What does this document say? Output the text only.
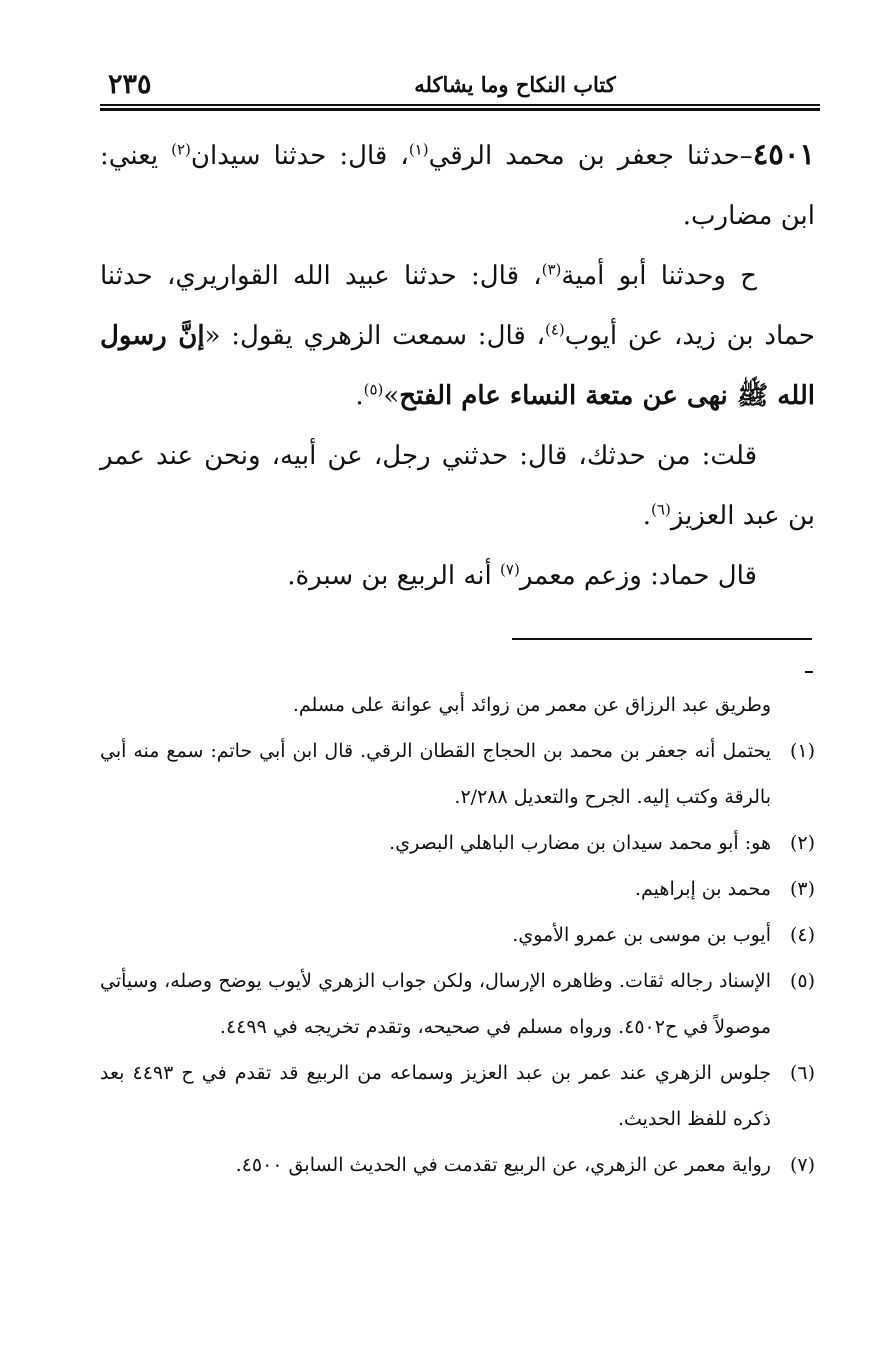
كتاب النكاح وما يشاكله
٢٣٥

٤٥٠١–حدثنا جعفر بن محمد الرقي$^{(١)}$، قال: حدثنا سيدان$^{(٢)}$ يعني: ابن مضارب.

ح وحدثنا أبو أمية$^{(٣)}$، قال: حدثنا عبيد الله القواريري، حدثنا حماد بن زيد، عن أيوب$^{(٤)}$، قال: سمعت الزهري يقول: «إنَّ رسول الله ﷺ نهى عن متعة النساء عام الفتح»$^{(٥)}$.

قلت: من حدثك، قال: حدثني رجل، عن أبيه، ونحن عند عمر بن عبد العزيز$^{(٦)}$.

قال حماد: وزعم معمر$^{(٧)}$ أنه الربيع بن سبرة.

وطريق عبد الرزاق عن معمر من زوائد أبي عوانة على مسلم.

(١)يحتمل أنه جعفر بن محمد بن الحجاج القطان الرقي. قال ابن أبي حاتم: سمع منه أبي بالرقة وكتب إليه. الجرح والتعديل ٢/٢٨٨.

(٢)هو: أبو محمد سيدان بن مضارب الباهلي البصري.

(٣)محمد بن إبراهيم.

(٤)أيوب بن موسى بن عمرو الأموي.

(٥)الإسناد رجاله ثقات. وظاهره الإرسال، ولكن جواب الزهري لأيوب يوضح وصله، وسيأتي موصولاً في ح٤٥٠٢. ورواه مسلم في صحيحه، وتقدم تخريجه في ٤٤٩٩.

(٦)جلوس الزهري عند عمر بن عبد العزيز وسماعه من الربيع قد تقدم في ح ٤٤٩٣ بعد ذكره للفظ الحديث.

(٧)رواية معمر عن الزهري، عن الربيع تقدمت في الحديث السابق ٤٥٠٠.
